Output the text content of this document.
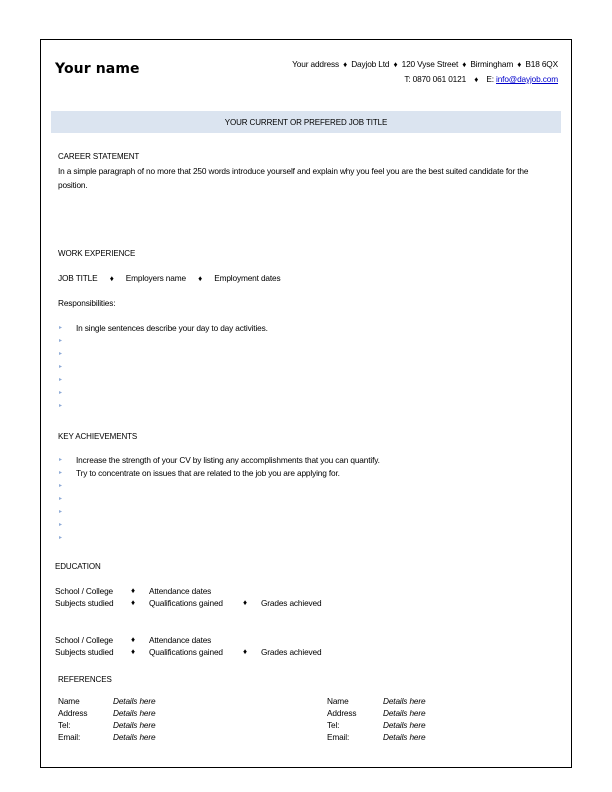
Your name	Your address ♦ Dayjob Ltd ♦ 120 Vyse Street ♦ Birmingham ♦ B18 6QX
T: 0870 061 0121 ♦ E: info@dayjob.com
YOUR CURRENT OR PREFERED JOB TITLE
CAREER STATEMENT
In a simple paragraph of no more that 250 words introduce yourself and explain why you feel you are the best suited candidate for the position.
WORK EXPERIENCE
JOB TITLE ♦ Employers name ♦ Employment dates
Responsibilities:
▸ In single sentences describe your day to day activities.
▸
▸
▸
▸
▸
▸
KEY ACHIEVEMENTS
▸ Increase the strength of your CV by listing any accomplishments that you can quantify.
▸ Try to concentrate on issues that are related to the job you are applying for.
▸
▸
▸
▸
▸
EDUCATION
School / College ♦ Attendance dates
Subjects studied ♦ Qualifications gained	♦ Grades achieved
School / College ♦ Attendance dates
Subjects studied ♦ Qualifications gained	♦ Grades achieved
REFERENCES
Name	Details here
Address	Details here
Tel:	Details here
Email:	Details here
Name	Details here
Address	Details here
Tel:	Details here
Email:	Details here
